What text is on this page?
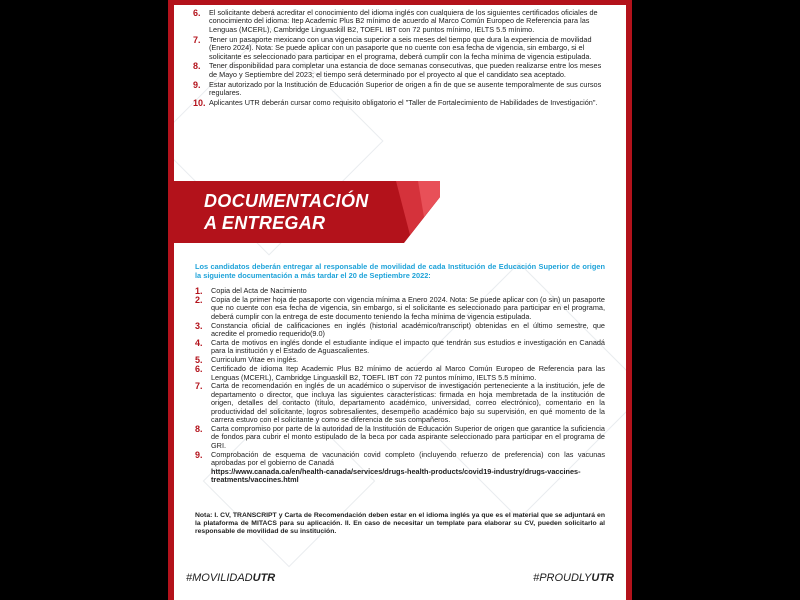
6. El solicitante deberá acreditar el conocimiento del idioma inglés con cualquiera de los siguientes certificados oficiales de conocimiento del idioma: Itep Academic Plus B2 mínimo de acuerdo al Marco Común Europeo de Referencia para las Lenguas (MCERL), Cambridge Linguaskill B2, TOEFL IBT con 72 puntos mínimo, IELTS 5.5 mínimo.
7. Tener un pasaporte mexicano con una vigencia superior a seis meses del tiempo que dura la experiencia de movilidad (Enero 2024). Nota: Se puede aplicar con un pasaporte que no cuente con esa fecha de vigencia, sin embargo, si el solicitante es seleccionado para participar en el programa, deberá cumplir con la fecha mínima de vigencia estipulada.
8. Tener disponibilidad para completar una estancia de doce semanas consecutivas, que pueden realizarse entre los meses de Mayo y Septiembre del 2023; el tiempo será determinado por el proyecto al que el candidato sea aceptado.
9. Estar autorizado por la Institución de Educación Superior de origen a fin de que se ausente temporalmente de sus cursos regulares.
10. Aplicantes UTR deberán cursar como requisito obligatorio el "Taller de Fortalecimiento de Habilidades de Investigación".
DOCUMENTACIÓN
A ENTREGAR

Los candidatos deberán entregar al responsable de movilidad de cada Institución de Educación Superior de origen la siguiente documentación a más tardar el 20 de Septiembre 2022:

1. Copia del Acta de Nacimiento
2. Copia de la primer hoja de pasaporte con vigencia mínima a Enero 2024. Nota: Se puede aplicar con (o sin) un pasaporte que no cuente con esa fecha de vigencia, sin embargo, si el solicitante es seleccionado para participar en el programa, deberá cumplir con la entrega de este documento teniendo la fecha mínima de vigencia estipulada.
3. Constancia oficial de calificaciones en inglés (historial académico/transcript) obtenidas en el último semestre, que acredite el promedio requerido(9.0)
4. Carta de motivos en inglés donde el estudiante indique el impacto que tendrán sus estudios e investigación en Canadá para la institución y el Estado de Aguascalientes.
5. Curriculum Vitae en inglés.
6. Certificado de idioma Itep Academic Plus B2 mínimo de acuerdo al Marco Común Europeo de Referencia para las Lenguas (MCERL), Cambridge Linguaskill B2, TOEFL IBT con 72 puntos mínimo, IELTS 5.5 mínimo.
7. Carta de recomendación en inglés de un académico o supervisor de investigación perteneciente a la institución, jefe de departamento o director, que incluya las siguientes características: firmada en hoja membretada de la institución de origen, detalles del contacto (título, departamento académico, universidad, correo electrónico), comentario en la productividad del solicitante, logros sobresalientes, desempeño académico bajo su supervisión, en qué momento de la carrera estuvo con el solicitante y como se diferencia de sus compañeros.
8. Carta compromiso por parte de la autoridad de la Institución de Educación Superior de origen que garantice la suficiencia de fondos para cubrir el monto estipulado de la beca por cada aspirante seleccionado para participar en el programa de GRI.
9. Comprobación de esquema de vacunación covid completo (incluyendo refuerzo de preferencia) con las vacunas aprobadas por el gobierno de Canadá
https://www.canada.ca/en/health-canada/services/drugs-health-products/covid19-industry/drugs-vaccines-treatments/vaccines.html

Nota: I. CV, TRANSCRIPT y Carta de Recomendación deben estar en el idioma inglés ya que es el material que se adjuntará en la plataforma de MITACS para su aplicación. II. En caso de necesitar un template para elaborar su CV, pueden solicitarlo al responsable de movilidad de su institución.

#MOVILIDADUTR	#PROUDLYUTR
